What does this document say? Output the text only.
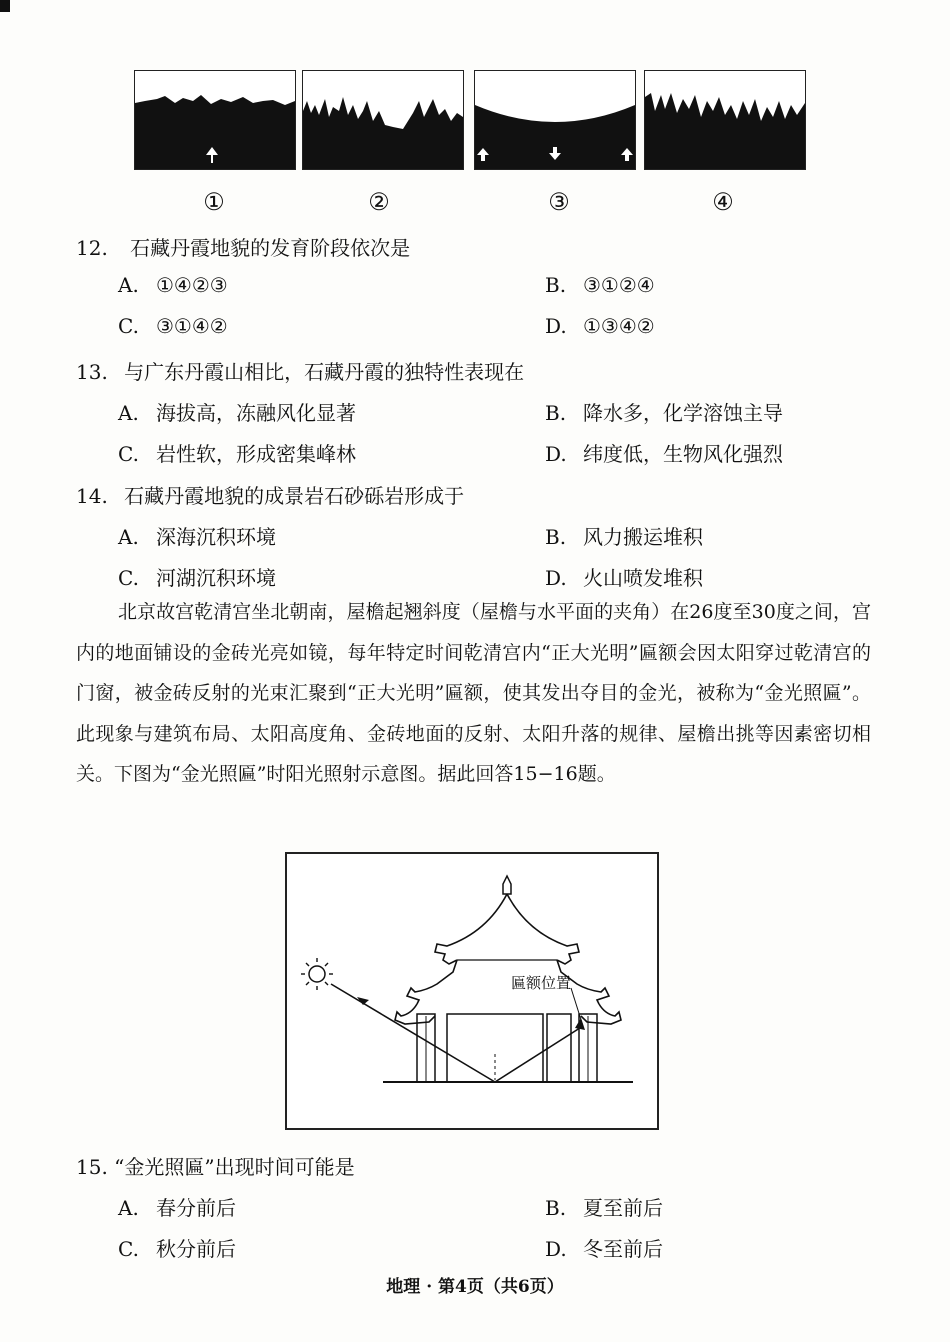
①	②	③	④
12. 石藏丹霞地貌的发育阶段依次是
A. ①④②③	B. ③①②④
C. ③①④②	D. ①③④②
13. 与广东丹霞山相比，石藏丹霞的独特性表现在
A. 海拔高，冻融风化显著	B. 降水多，化学溶蚀主导
C. 岩性软，形成密集峰林	D. 纬度低，生物风化强烈
14. 石藏丹霞地貌的成景岩石砂砾岩形成于
A. 深海沉积环境	B. 风力搬运堆积
C. 河湖沉积环境	D. 火山喷发堆积
北京故宫乾清宫坐北朝南，屋檐起翘斜度（屋檐与水平面的夹角）在26度至30度之间，宫内的地面铺设的金砖光亮如镜，每年特定时间乾清宫内“正大光明”匾额会因太阳穿过乾清宫的门窗，被金砖反射的光束汇聚到“正大光明”匾额，使其发出夺目的金光，被称为“金光照匾”。此现象与建筑布局、太阳高度角、金砖地面的反射、太阳升落的规律、屋檐出挑等因素密切相关。下图为“金光照匾”时阳光照射示意图。据此回答15−16题。
匾额位置
15. “金光照匾”出现时间可能是
A. 春分前后	B. 夏至前后
C. 秋分前后	D. 冬至前后
地理 · 第4页（共6页）
